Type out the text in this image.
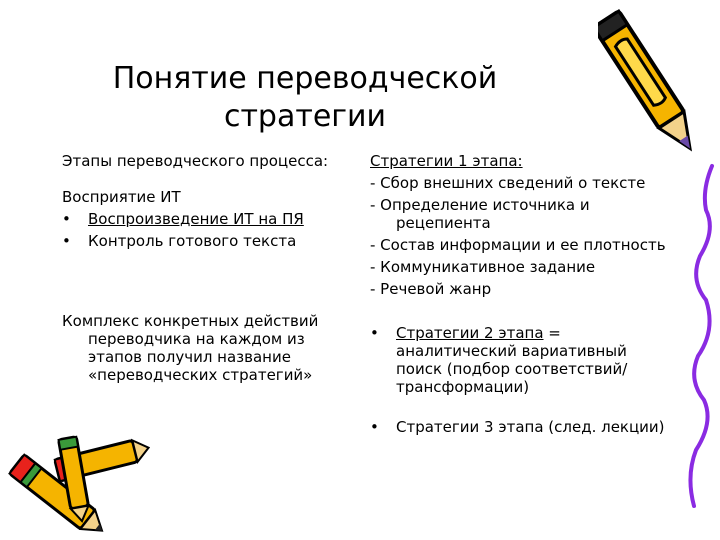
Понятие переводческой
стратегии

Этапы переводческого процесса:

Восприятие ИТ

•	Воспроизведение ИТ на ПЯ
•	Контроль готового текста

Комплекс конкретных действий переводчика на каждом из этапов получил название «переводческих стратегий»

Стратегии 1 этапа:

- Сбор внешних сведений о тексте

- Определение источника и рецепиента

- Состав информации и ее плотность

- Коммуникативное задание

- Речевой жанр

•	Стратегии 2 этапа = аналитический вариативный поиск (подбор соответствий/трансформации)
•	Стратегии 3 этапа (след. лекции)
